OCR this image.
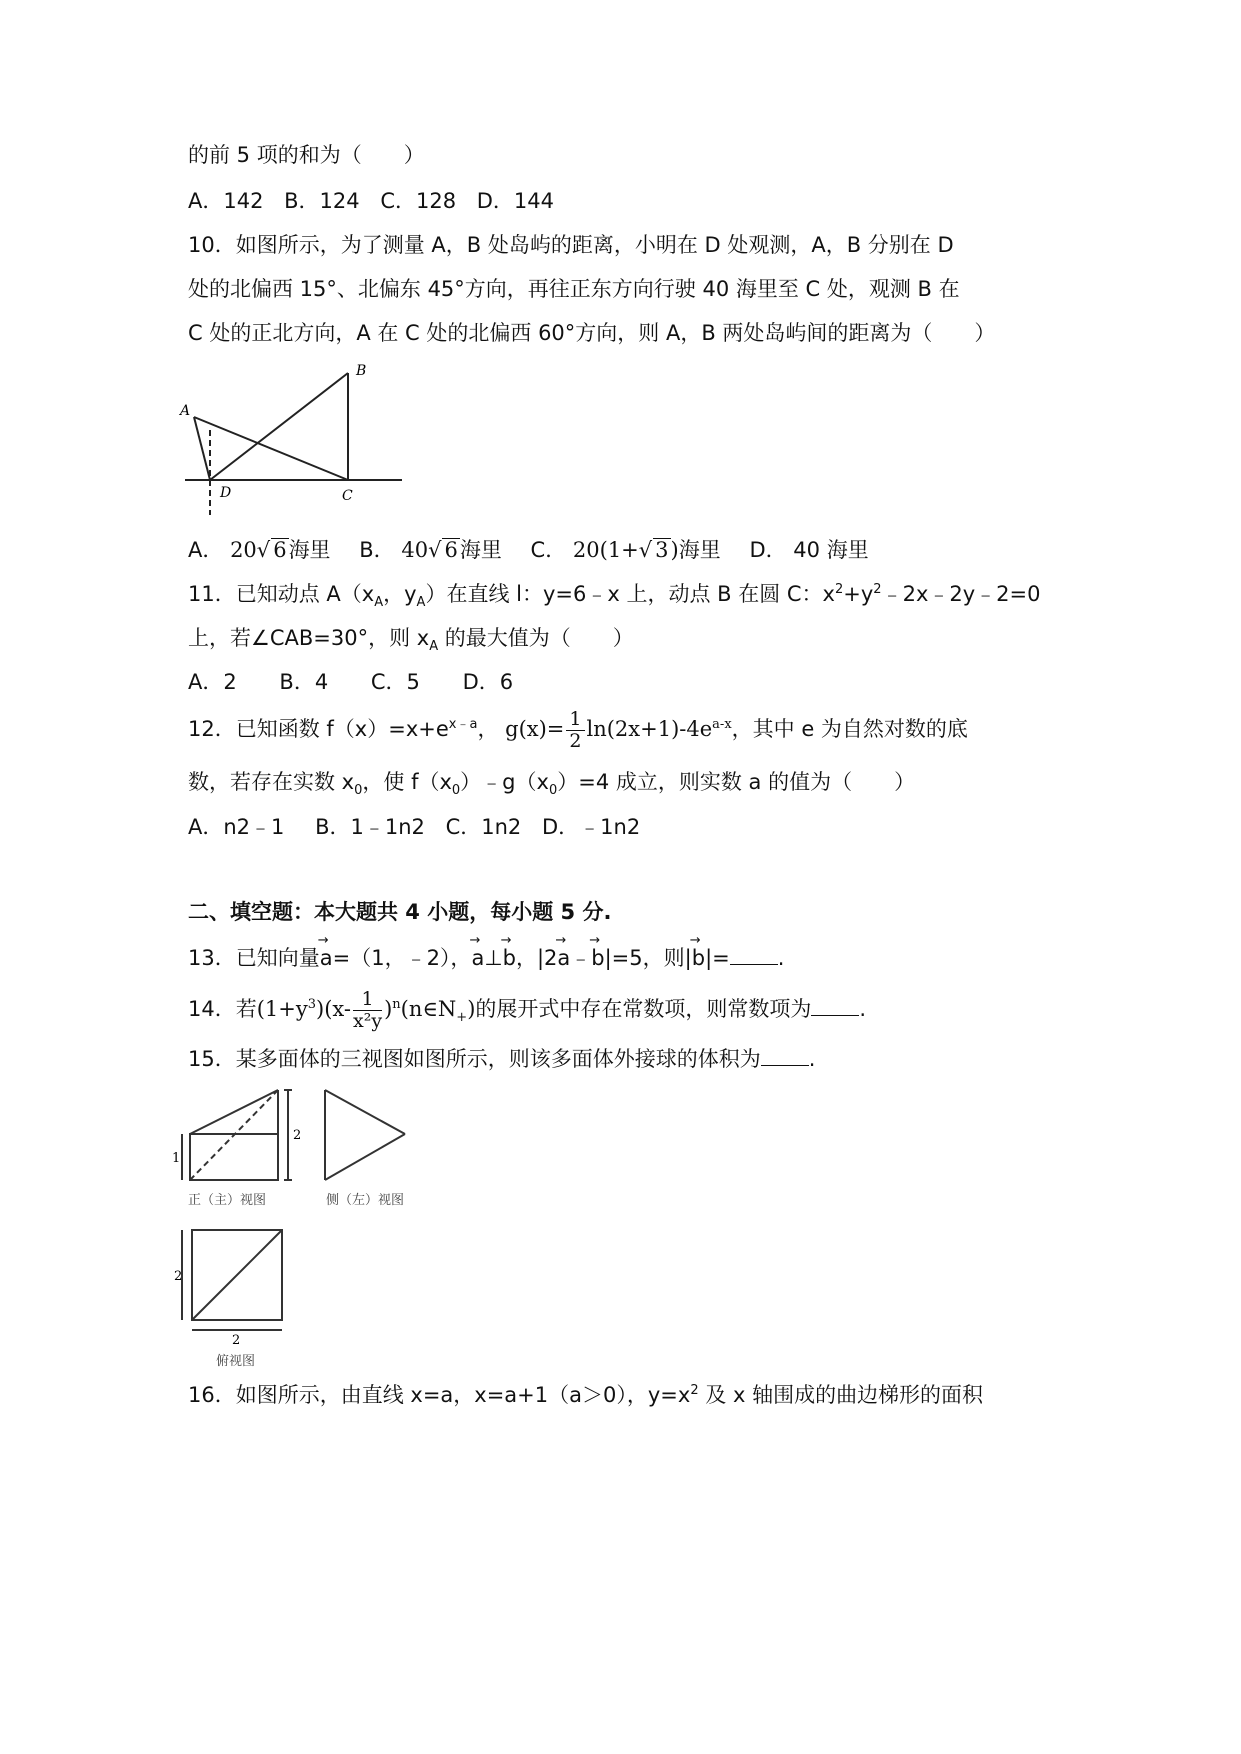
的前 5 项的和为（　　）
A．142 B．124 C．128 D．144
10．如图所示，为了测量 A，B 处岛屿的距离，小明在 D 处观测，A，B 分别在 D
处的北偏西 15°、北偏东 45°方向，再往正东方向行驶 40 海里至 C 处，观测 B 在
C 处的正北方向，A 在 C 处的北偏西 60°方向，则 A，B 两处岛屿间的距离为（　　）
A
B
C
D
A． 20√ 6海里 B． 40√ 6海里 C． 20(1+√ 3)海里 D． 40 海里
11．已知动点 $A(x_A$，$y_A$）在直线 l：y=6﹣x 上，动点 B 在圆 C：$x^2+y^2﹣2x﹣2y﹣2=0$
上，若∠CAB=30°，则 $x_A$ 的最大值为（　　）
A．2 B．4 C．5 D．6
12．已知函数 $f(x)=x+e^{x﹣a}$， $g(x)= \frac{1}{2} \ln(2x+1)-4e^{a-x}$，其中 e 为自然对数的底
数，若存在实数 $x_0$，使 $f(x_0)﹣g(x_0)=4$ 成立，则实数 a 的值为（　　）
A．n2﹣1 B．1﹣1n2 C．1n2 D．﹣1n2
二、填空题：本大题共 4 小题，每小题 5 分.
13．已知向量→ a=（1，﹣2），→ a⊥→ b，|2→ a﹣→ b|=5，则|→ b|= .
14．若$(1+y^3)(x- \frac{1}{\text{x²y}}$ )$^n(n\in N_+)$的展开式中存在常数项，则常数项为 .
15．某多面体的三视图如图所示，则该多面体外接球的体积为 .
2
1
正（主）视图	侧（左）视图
2
2
俯视图
16．如图所示，由直线 x=a，x=a+1（a＞0），$y=x^2$ 及 x 轴围成的曲边梯形的面积
